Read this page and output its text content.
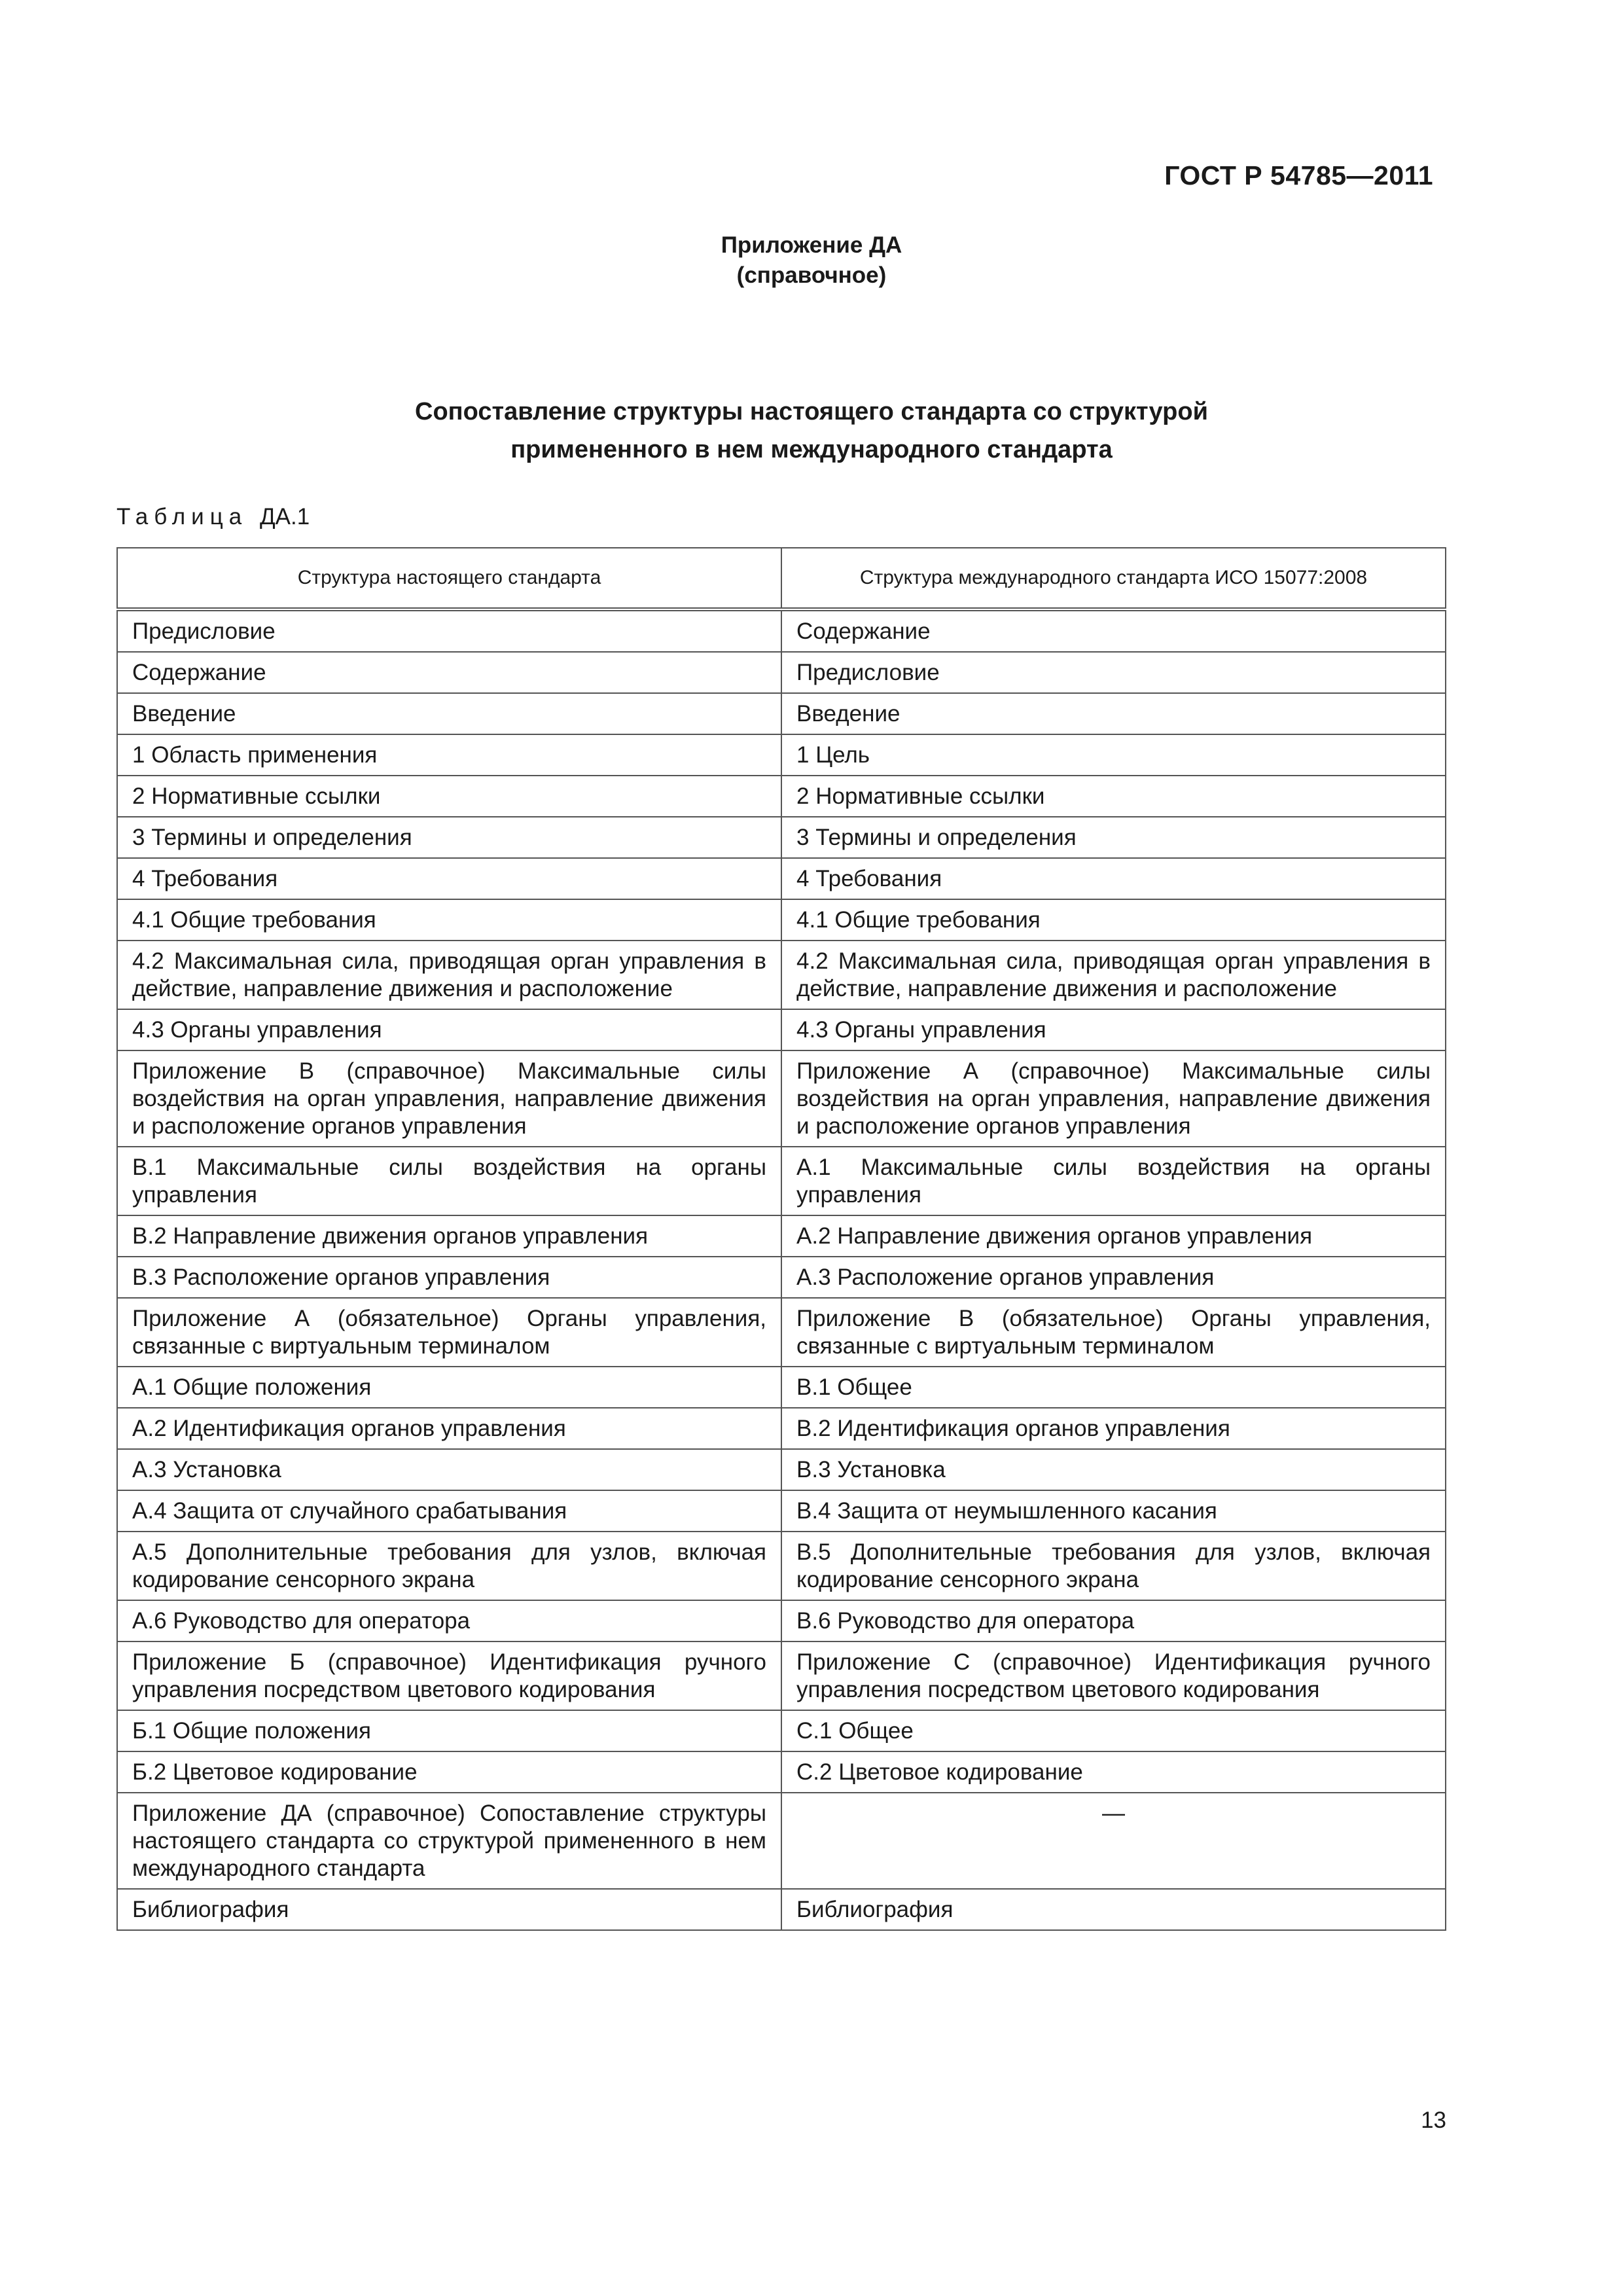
ГОСТ Р 54785—2011
Приложение ДА
(справочное)
Сопоставление структуры настоящего стандарта со структурой
примененного в нем международного стандарта
Таблица ДА.1
Структура настоящего стандарта	Структура международного стандарта ИСО 15077:2008
Предисловие	Содержание
Содержание	Предисловие
Введение	Введение
1 Область применения	1 Цель
2 Нормативные ссылки	2 Нормативные ссылки
3 Термины и определения	3 Термины и определения
4 Требования	4 Требования
4.1 Общие требования	4.1 Общие требования
4.2 Максимальная сила, приводящая орган управления в действие, направление движения и расположение	4.2 Максимальная сила, приводящая орган управления в действие, направление движения и расположение
4.3 Органы управления	4.3 Органы управления
Приложение В (справочное) Максимальные силы воздействия на орган управления, направление движения и расположение органов управления	Приложение А (справочное) Максимальные силы воздействия на орган управления, направление движения и расположение органов управления
В.1 Максимальные силы воздействия на органы управления	А.1 Максимальные силы воздействия на органы управления
В.2 Направление движения органов управления	А.2 Направление движения органов управления
В.3 Расположение органов управления	А.3 Расположение органов управления
Приложение А (обязательное) Органы управления, связанные с виртуальным терминалом	Приложение В (обязательное) Органы управления, связанные с виртуальным терминалом
А.1 Общие положения	В.1 Общее
А.2 Идентификация органов управления	В.2 Идентификация органов управления
А.3 Установка	В.3 Установка
А.4 Защита от случайного срабатывания	В.4 Защита от неумышленного касания
А.5 Дополнительные требования для узлов, включая кодирование сенсорного экрана	В.5 Дополнительные требования для узлов, включая кодирование сенсорного экрана
А.6 Руководство для оператора	В.6 Руководство для оператора
Приложение Б (справочное) Идентификация ручного управления посредством цветового кодирования	Приложение С (справочное) Идентификация ручного управления посредством цветового кодирования
Б.1 Общие положения	С.1 Общее
Б.2 Цветовое кодирование	С.2 Цветовое кодирование
Приложение ДА (справочное) Сопоставление структуры настоящего стандарта со структурой примененного в нем международного стандарта	—
Библиография	Библиография
13
